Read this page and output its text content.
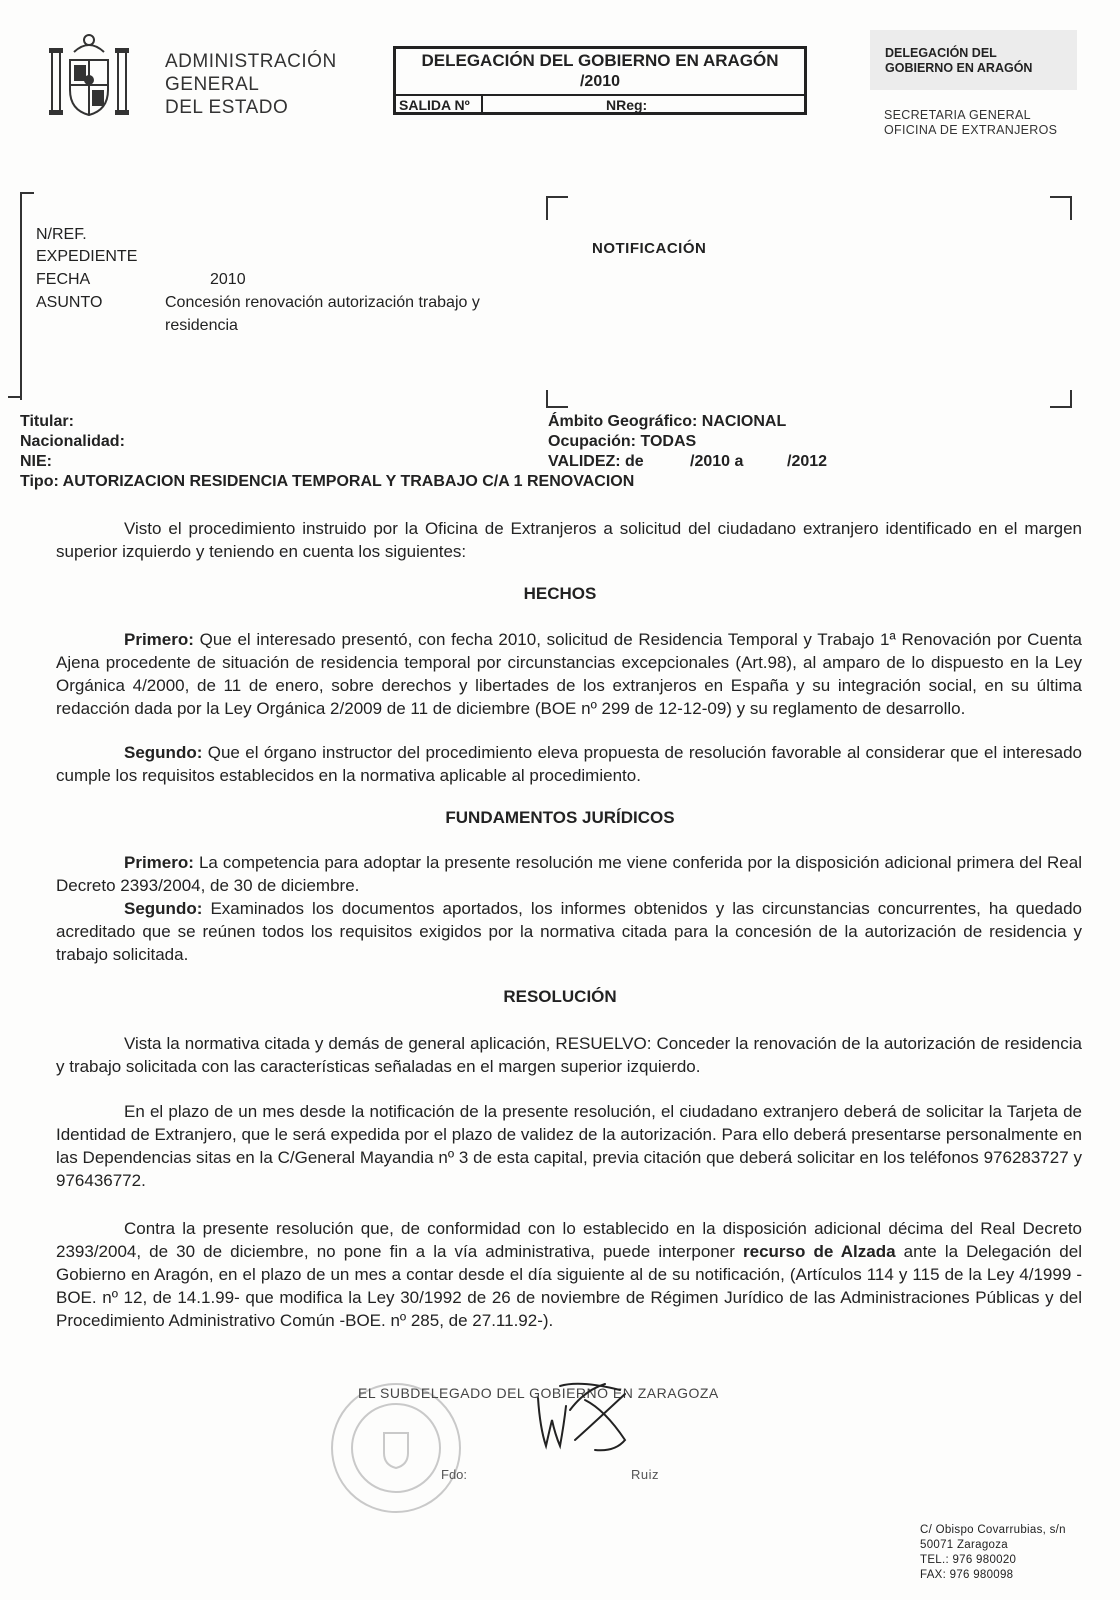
ADMINISTRACIÓN
GENERAL
DEL ESTADO
DELEGACIÓN DEL GOBIERNO EN ARAGÓN
/2010
SALIDA Nº	NReg:
DELEGACIÓN DEL
GOBIERNO EN ARAGÓN
SECRETARIA GENERAL
OFICINA DE EXTRANJEROS
N/REF.
EXPEDIENTE
FECHA	2010
ASUNTO	Concesión renovación autorización trabajo y
residencia
NOTIFICACIÓN
Titular:
Nacionalidad:
NIE:
Tipo: AUTORIZACION RESIDENCIA TEMPORAL Y TRABAJO C/A 1 RENOVACION
Ámbito Geográfico: NACIONAL
Ocupación: TODAS
VALIDEZ: de	/2010 a	/2012

Visto el procedimiento instruido por la Oficina de Extranjeros a solicitud del ciudadano extranjero identificado en el margen superior izquierdo y teniendo en cuenta los siguientes:

HECHOS

Primero: Que el interesado presentó, con fecha 2010, solicitud de Residencia Temporal y Trabajo 1ª Renovación por Cuenta Ajena procedente de situación de residencia temporal por circunstancias excepcionales (Art.98), al amparo de lo dispuesto en la Ley Orgánica 4/2000, de 11 de enero, sobre derechos y libertades de los extranjeros en España y su integración social, en su última redacción dada por la Ley Orgánica 2/2009 de 11 de diciembre (BOE nº 299 de 12-12-09) y su reglamento de desarrollo.

Segundo: Que el órgano instructor del procedimiento eleva propuesta de resolución favorable al considerar que el interesado cumple los requisitos establecidos en la normativa aplicable al procedimiento.

FUNDAMENTOS JURÍDICOS

Primero: La competencia para adoptar la presente resolución me viene conferida por la disposición adicional primera del Real Decreto 2393/2004, de 30 de diciembre.

Segundo: Examinados los documentos aportados, los informes obtenidos y las circunstancias concurrentes, ha quedado acreditado que se reúnen todos los requisitos exigidos por la normativa citada para la concesión de la autorización de residencia y trabajo solicitada.

RESOLUCIÓN

Vista la normativa citada y demás de general aplicación, RESUELVO: Conceder la renovación de la autorización de residencia y trabajo solicitada con las características señaladas en el margen superior izquierdo.

En el plazo de un mes desde la notificación de la presente resolución, el ciudadano extranjero deberá de solicitar la Tarjeta de Identidad de Extranjero, que le será expedida por el plazo de validez de la autorización. Para ello deberá presentarse personalmente en las Dependencias sitas en la C/General Mayandia nº 3 de esta capital, previa citación que deberá solicitar en los teléfonos 976283727 y 976436772.

Contra la presente resolución que, de conformidad con lo establecido en la disposición adicional décima del Real Decreto 2393/2004, de 30 de diciembre, no pone fin a la vía administrativa, puede interponer recurso de Alzada ante la Delegación del Gobierno en Aragón, en el plazo de un mes a contar desde el día siguiente al de su notificación, (Artículos 114 y 115 de la Ley 4/1999 -BOE. nº 12, de 14.1.99- que modifica la Ley 30/1992 de 26 de noviembre de Régimen Jurídico de las Administraciones Públicas y del Procedimiento Administrativo Común -BOE. nº 285, de 27.11.92-).

EL SUBDELEGADO DEL GOBIERNO EN ZARAGOZA
Fdo:	Ruiz
C/ Obispo Covarrubias, s/n
50071 Zaragoza
TEL.: 976 980020
FAX: 976 980098
